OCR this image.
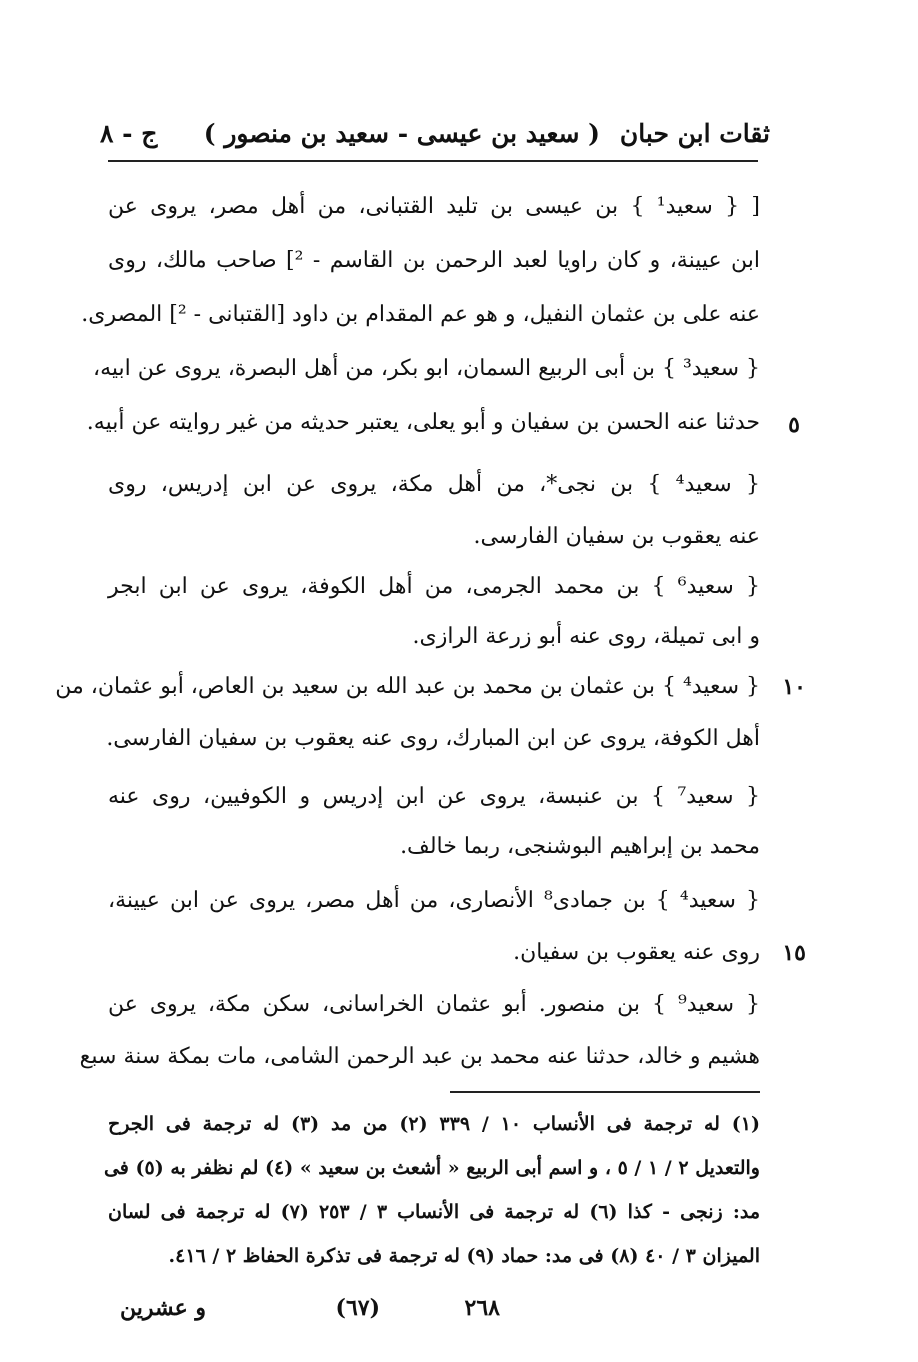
ثقات ابن حبان
( سعيد بن عيسى - سعيد بن منصور )
ج - ٨
[ { سعيد¹ } بن عيسى بن تليد القتبانى، من أهل مصر، يروى عن
ابن عيينة، و كان راويا لعبد الرحمن بن القاسم - ²] صاحب مالك، روى
عنه على بن عثمان النفيل، و هو عم المقدام بن داود [القتبانى - ²] المصرى.
{ سعيد³ } بن أبى الربيع السمان، ابو بكر، من أهل البصرة، يروى عن ابيه،
حدثنا عنه الحسن بن سفيان و أبو يعلى، يعتبر حديثه من غير روايته عن أبيه.
{ سعيد⁴ } بن نجى*، من أهل مكة، يروى عن ابن إدريس، روى
عنه يعقوب بن سفيان الفارسى.
{ سعيد⁶ } بن محمد الجرمى، من أهل الكوفة، يروى عن ابن ابجر
و ابى تميلة، روى عنه أبو زرعة الرازى.
{ سعيد⁴ } بن عثمان بن محمد بن عبد الله بن سعيد بن العاص، أبو عثمان، من
أهل الكوفة، يروى عن ابن المبارك، روى عنه يعقوب بن سفيان الفارسى.
{ سعيد⁷ } بن عنبسة، يروى عن ابن إدريس و الكوفيين، روى عنه
محمد بن إبراهيم البوشنجى، ربما خالف.
{ سعيد⁴ } بن جمادى⁸ الأنصارى، من أهل مصر، يروى عن ابن عيينة،
روى عنه يعقوب بن سفيان.
{ سعيد⁹ } بن منصور. أبو عثمان الخراسانى، سكن مكة، يروى عن
هشيم و خالد، حدثنا عنه محمد بن عبد الرحمن الشامى، مات بمكة سنة سبع
٥
١٠
١٥
(١) له ترجمة فى الأنساب ١٠ / ٣٣٩ (٢) من مد (٣) له ترجمة فى الجرح
والتعديل ٢ / ١ / ٥ ، و اسم أبى الربيع « أشعث بن سعيد » (٤) لم نظفر به (٥) فى
مد: زنجى - كذا (٦) له ترجمة فى الأنساب ٣ / ٢٥٣ (٧) له ترجمة فى لسان
الميزان ٣ / ٤٠ (٨) فى مد: حماد (٩) له ترجمة فى تذكرة الحفاظ ٢ / ٤١٦.
٢٦٨
(٦٧)
و عشرين
